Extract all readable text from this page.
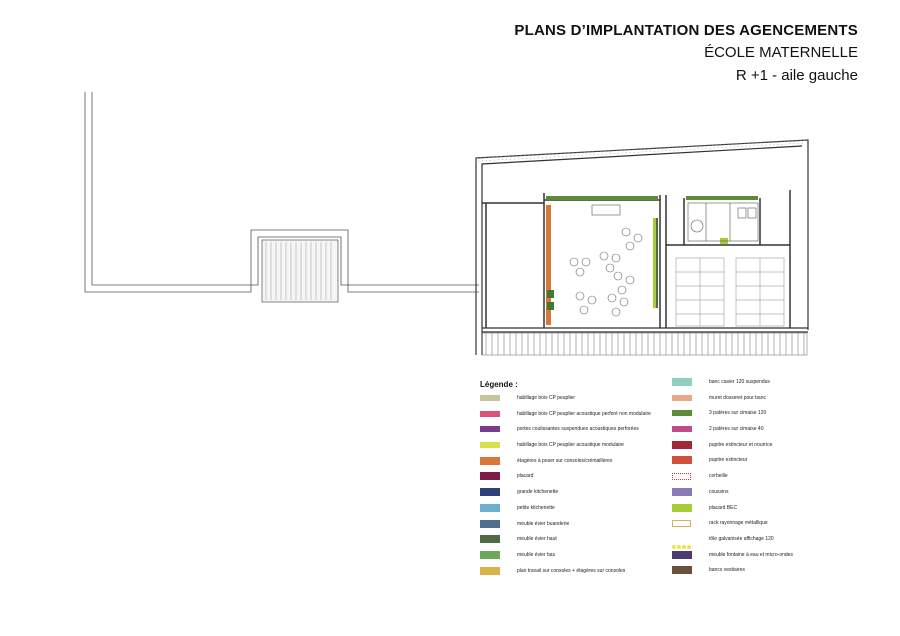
PLANS D’IMPLANTATION DES AGENCEMENTS
ÉCOLE MATERNELLE
R +1 - aile gauche
Légende :
habillage bois CP peuplier
habillage bois CP peuplier acoustique perforé non modulaire
portes coulissantes suspendues acoustiques perforées
habillage bois CP peuplier acoustique modulaire
étagères à poser sur consoles/crémaillères
placard
grande kitchenette
petite kitchenette
meuble évier buanderie
meuble évier haut
meuble évier bas
plan travail sur consoles + étagères sur consoles
banc casier 120 suspendus
muret dosseret pour banc
3 patères sur cimaise 120
2 patères sur cimaise 40
pupitre extincteur et nourrice
pupitre extincteur
corbeille
coussins
placard BEC
rack rayonnage métallique
tôle galvanisée affichage 120
meuble fontaine à eau et micro-ondes
bancs vestiaires
